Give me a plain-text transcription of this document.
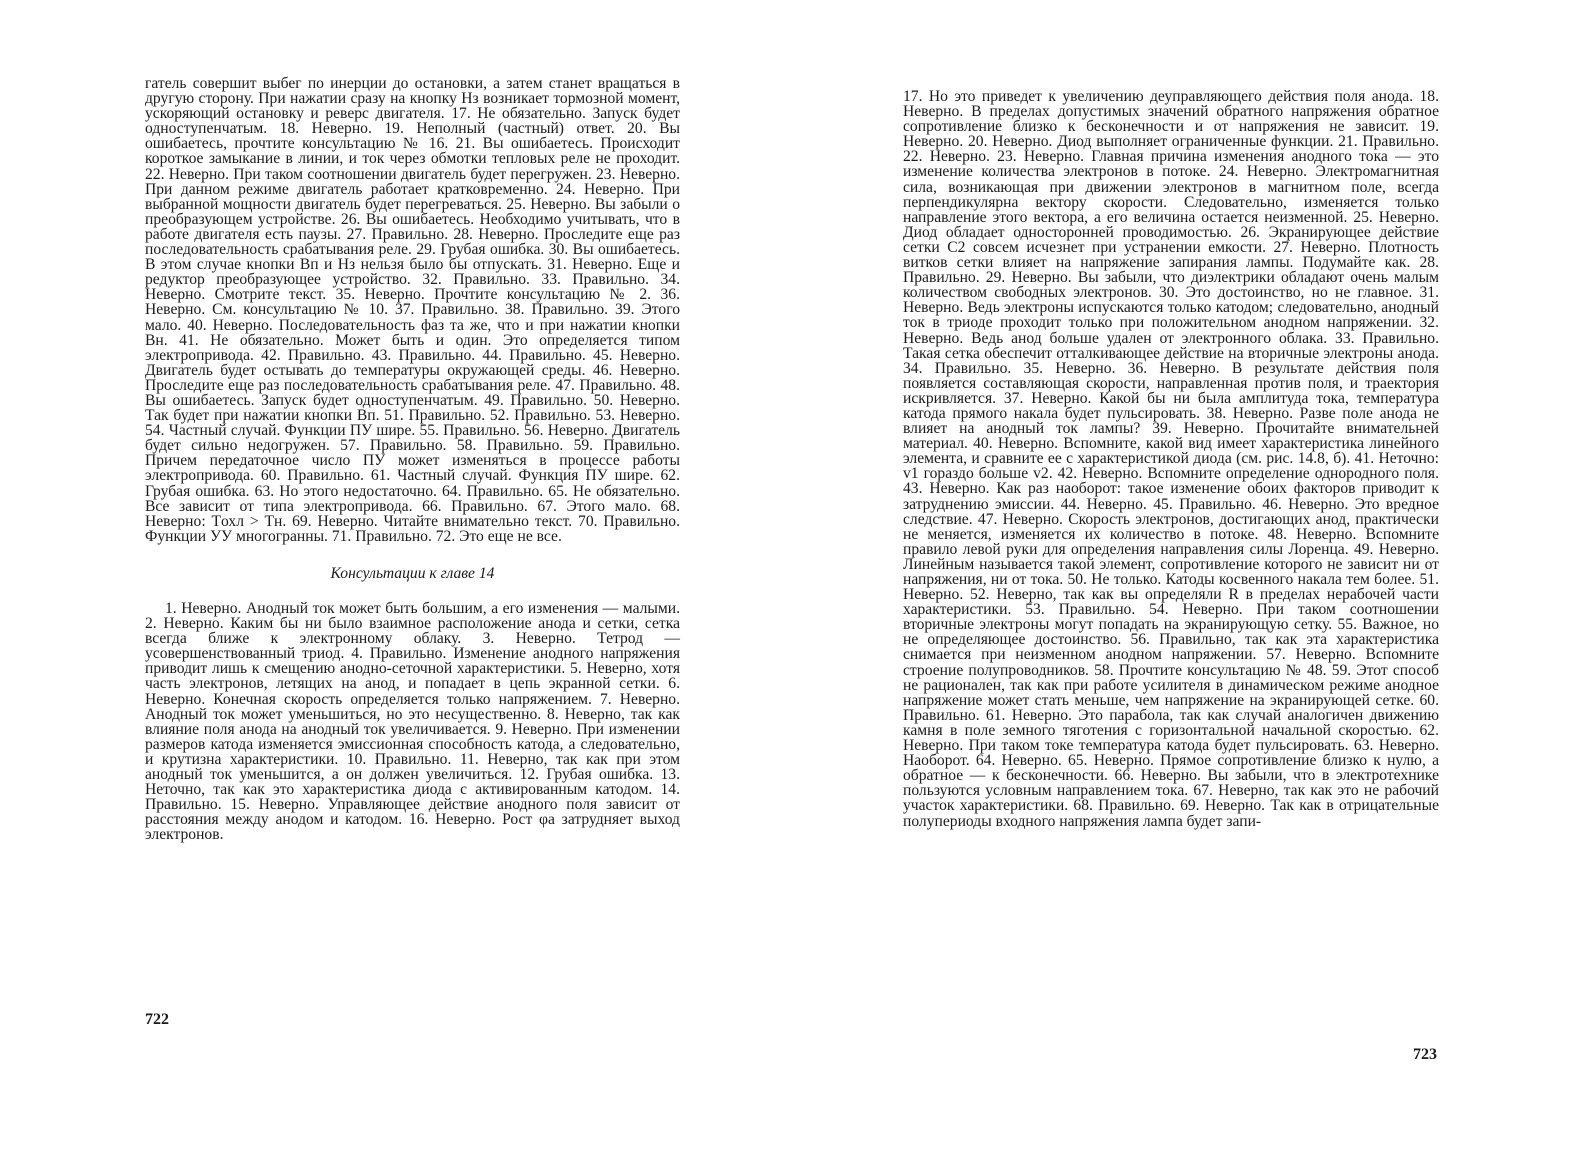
гатель совершит выбег по инерции до остановки, а затем станет вращаться в другую сторону. При нажатии сразу на кнопку Нз возникает тормозной момент, ускоряющий остановку и реверс двигателя. 17. Не обязательно. Запуск будет одноступенчатым. 18. Неверно. 19. Неполный (частный) ответ. 20. Вы ошибаетесь, прочтите консультацию № 16. 21. Вы ошибаетесь. Происходит короткое замыкание в линии, и ток через обмотки тепловых реле не проходит. 22. Неверно. При таком соотношении двигатель будет перегружен. 23. Неверно. При данном режиме двигатель работает кратковременно. 24. Неверно. При выбранной мощности двигатель будет перегреваться. 25. Неверно. Вы забыли о преобразующем устройстве. 26. Вы ошибаетесь. Необходимо учитывать, что в работе двигателя есть паузы. 27. Правильно. 28. Неверно. Проследите еще раз последовательность срабатывания реле. 29. Грубая ошибка. 30. Вы ошибаетесь. В этом случае кнопки Вп и Нз нельзя было бы отпускать. 31. Неверно. Еще и редуктор преобразующее устройство. 32. Правильно. 33. Правильно. 34. Неверно. Смотрите текст. 35. Неверно. Прочтите консультацию № 2. 36. Неверно. См. консультацию № 10. 37. Правильно. 38. Правильно. 39. Этого мало. 40. Неверно. Последовательность фаз та же, что и при нажатии кнопки Вн. 41. Не обязательно. Может быть и один. Это определяется типом электропривода. 42. Правильно. 43. Правильно. 44. Правильно. 45. Неверно. Двигатель будет остывать до температуры окружающей среды. 46. Неверно. Проследите еще раз последовательность срабатывания реле. 47. Правильно. 48. Вы ошибаетесь. Запуск будет одноступенчатым. 49. Правильно. 50. Неверно. Так будет при нажатии кнопки Вп. 51. Правильно. 52. Правильно. 53. Неверно. 54. Частный случай. Функции ПУ шире. 55. Правильно. 56. Неверно. Двигатель будет сильно недогружен. 57. Правильно. 58. Правильно. 59. Правильно. Причем передаточное число ПУ может изменяться в процессе работы электропривода. 60. Правильно. 61. Частный случай. Функция ПУ шире. 62. Грубая ошибка. 63. Но этого недостаточно. 64. Правильно. 65. Не обязательно. Все зависит от типа электропривода. 66. Правильно. 67. Этого мало. 68. Неверно: Tохл > Tн. 69. Неверно. Читайте внимательно текст. 70. Правильно. Функции УУ многогранны. 71. Правильно. 72. Это еще не все.

Консультации к главе 14

1. Неверно. Анодный ток может быть большим, а его изменения — малыми. 2. Неверно. Каким бы ни было взаимное расположение анода и сетки, сетка всегда ближе к электронному облаку. 3. Неверно. Тетрод — усовершенствованный триод. 4. Правильно. Изменение анодного напряжения приводит лишь к смещению анодно-сеточной характеристики. 5. Неверно, хотя часть электронов, летящих на анод, и попадает в цепь экранной сетки. 6. Неверно. Конечная скорость определяется только напряжением. 7. Неверно. Анодный ток может уменьшиться, но это несущественно. 8. Неверно, так как влияние поля анода на анодный ток увеличивается. 9. Неверно. При изменении размеров катода изменяется эмиссионная способность катода, а следовательно, и крутизна характеристики. 10. Правильно. 11. Неверно, так как при этом анодный ток уменьшится, а он должен увеличиться. 12. Грубая ошибка. 13. Неточно, так как это характеристика диода с активированным катодом. 14. Правильно. 15. Неверно. Управляющее действие анодного поля зависит от расстояния между анодом и катодом. 16. Неверно. Рост φа затрудняет выход электронов.

722

17. Но это приведет к увеличению деуправляющего действия поля анода. 18. Неверно. В пределах допустимых значений обратного напряжения обратное сопротивление близко к бесконечности и от напряжения не зависит. 19. Неверно. 20. Неверно. Диод выполняет ограниченные функции. 21. Правильно. 22. Неверно. 23. Неверно. Главная причина изменения анодного тока — это изменение количества электронов в потоке. 24. Неверно. Электромагнитная сила, возникающая при движении электронов в магнитном поле, всегда перпендикулярна вектору скорости. Следовательно, изменяется только направление этого вектора, а его величина остается неизменной. 25. Неверно. Диод обладает односторонней проводимостью. 26. Экранирующее действие сетки C2 совсем исчезнет при устранении емкости. 27. Неверно. Плотность витков сетки влияет на напряжение запирания лампы. Подумайте как. 28. Правильно. 29. Неверно. Вы забыли, что диэлектрики обладают очень малым количеством свободных электронов. 30. Это достоинство, но не главное. 31. Неверно. Ведь электроны испускаются только катодом; следовательно, анодный ток в триоде проходит только при положительном анодном напряжении. 32. Неверно. Ведь анод больше удален от электронного облака. 33. Правильно. Такая сетка обеспечит отталкивающее действие на вторичные электроны анода. 34. Правильно. 35. Неверно. 36. Неверно. В результате действия поля появляется составляющая скорости, направленная против поля, и траектория искривляется. 37. Неверно. Какой бы ни была амплитуда тока, температура катода прямого накала будет пульсировать. 38. Неверно. Разве поле анода не влияет на анодный ток лампы? 39. Неверно. Прочитайте внимательней материал. 40. Неверно. Вспомните, какой вид имеет характеристика линейного элемента, и сравните ее с характеристикой диода (см. рис. 14.8, б). 41. Неточно: v1 гораздо больше v2. 42. Неверно. Вспомните определение однородного поля. 43. Неверно. Как раз наоборот: такое изменение обоих факторов приводит к затруднению эмиссии. 44. Неверно. 45. Правильно. 46. Неверно. Это вредное следствие. 47. Неверно. Скорость электронов, достигающих анод, практически не меняется, изменяется их количество в потоке. 48. Неверно. Вспомните правило левой руки для определения направления силы Лоренца. 49. Неверно. Линейным называется такой элемент, сопротивление которого не зависит ни от напряжения, ни от тока. 50. Не только. Катоды косвенного накала тем более. 51. Неверно. 52. Неверно, так как вы определяли R в пределах нерабочей части характеристики. 53. Правильно. 54. Неверно. При таком соотношении вторичные электроны могут попадать на экранирующую сетку. 55. Важное, но не определяющее достоинство. 56. Правильно, так как эта характеристика снимается при неизменном анодном напряжении. 57. Неверно. Вспомните строение полупроводников. 58. Прочтите консультацию № 48. 59. Этот способ не рационален, так как при работе усилителя в динамическом режиме анодное напряжение может стать меньше, чем напряжение на экранирующей сетке. 60. Правильно. 61. Неверно. Это парабола, так как случай аналогичен движению камня в поле земного тяготения с горизонтальной начальной скоростью. 62. Неверно. При таком токе температура катода будет пульсировать. 63. Неверно. Наоборот. 64. Неверно. 65. Неверно. Прямое сопротивление близко к нулю, а обратное — к бесконечности. 66. Неверно. Вы забыли, что в электротехнике пользуются условным направлением тока. 67. Неверно, так как это не рабочий участок характеристики. 68. Правильно. 69. Неверно. Так как в отрицательные полупериоды входного напряжения лампа будет запи-

723
